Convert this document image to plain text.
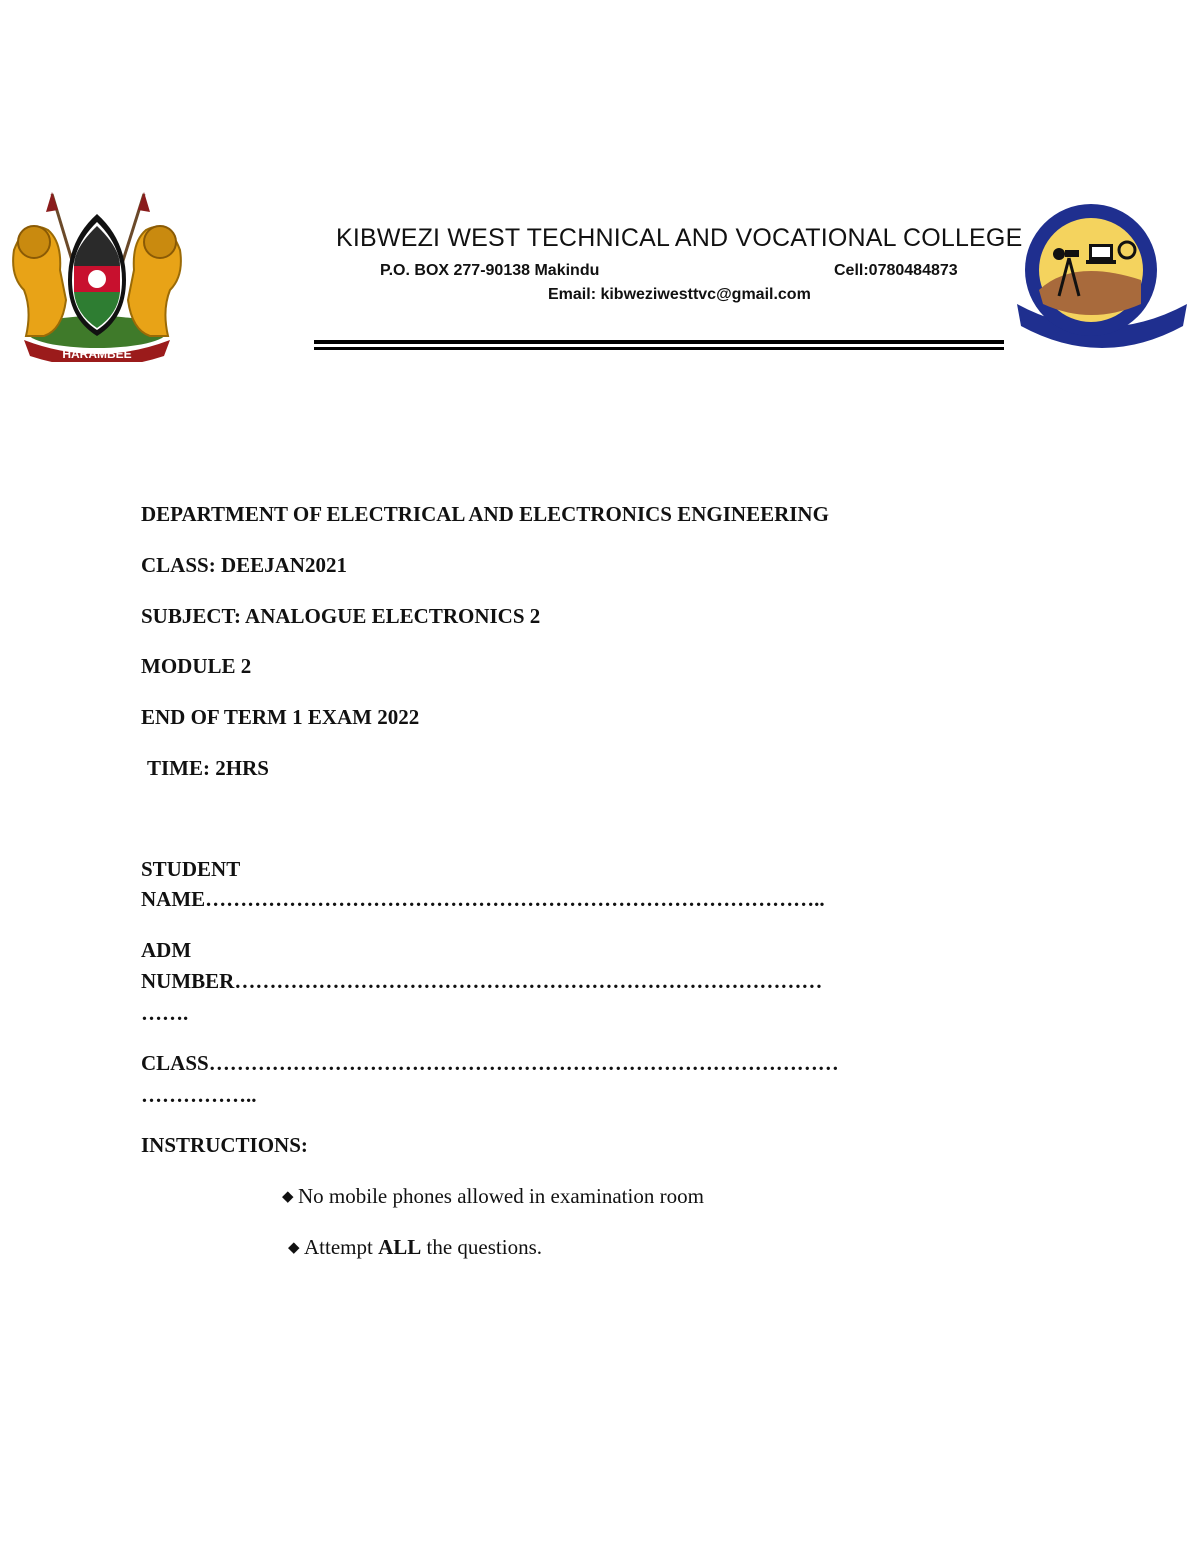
HARAMBEE
KIBWEZI WEST TECHNICAL AND VOCATIONAL COLLEGE
P.O. BOX 277-90138 Makindu	Cell:0780484873
Email: kibweziwesttvc@gmail.com
DEPARTMENT OF ELECTRICAL AND ELECTRONICS ENGINEERING
CLASS: DEEJAN2021
SUBJECT: ANALOGUE ELECTRONICS 2
MODULE 2
END OF TERM 1 EXAM 2022
TIME: 2HRS
STUDENT
NAME……………………………………………………………………………..
ADM
NUMBER…………………………………………………………………………
…….
CLASS………………………………………………………………………………
……………..
INSTRUCTIONS:
◆ No mobile phones allowed in examination room
◆ Attempt ALL the questions.
